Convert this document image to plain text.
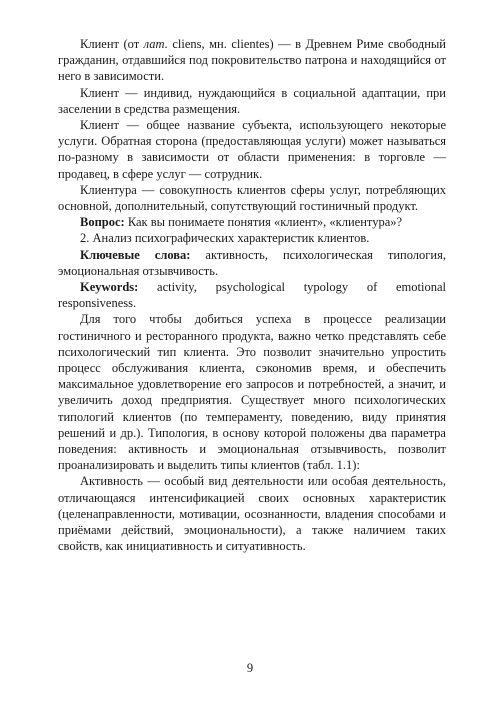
Клиент (от лат. cliens, мн. clientes) — в Древнем Риме свободный гражданин, отдавшийся под покровительство патрона и находящийся от него в зависимости.

Клиент — индивид, нуждающийся в социальной адаптации, при заселении в средства размещения.

Клиент — общее название субъекта, использующего некоторые услуги. Обратная сторона (предоставляющая услуги) может называться по-разному в зависимости от области применения: в торговле — продавец, в сфере услуг — сотрудник.

Клиентура — совокупность клиентов сферы услуг, потребляющих основной, дополнительный, сопутствующий гостиничный продукт.

Вопрос: Как вы понимаете понятия «клиент», «клиентура»?

2. Анализ психографических характеристик клиентов.

Ключевые слова: активность, психологическая типология, эмоциональная отзывчивость.

Keywords: activity, psychological typology of emotional responsiveness.

Для того чтобы добиться успеха в процессе реализации гостиничного и ресторанного продукта, важно четко представлять себе психологический тип клиента. Это позволит значительно упростить процесс обслуживания клиента, сэкономив время, и обеспечить максимальное удовлетворение его запросов и потребностей, а значит, и увеличить доход предприятия. Существует много психологических типологий клиентов (по темпераменту, поведению, виду принятия решений и др.). Типология, в основу которой положены два параметра поведения: активность и эмоциональная отзывчивость, позволит проанализировать и выделить типы клиентов (табл. 1.1):

Активность — особый вид деятельности или особая деятельность, отличающаяся интенсификацией своих основных характеристик (целенаправленности, мотивации, осознанности, владения способами и приёмами действий, эмоциональности), а также наличием таких свойств, как инициативность и ситуативность.

9
